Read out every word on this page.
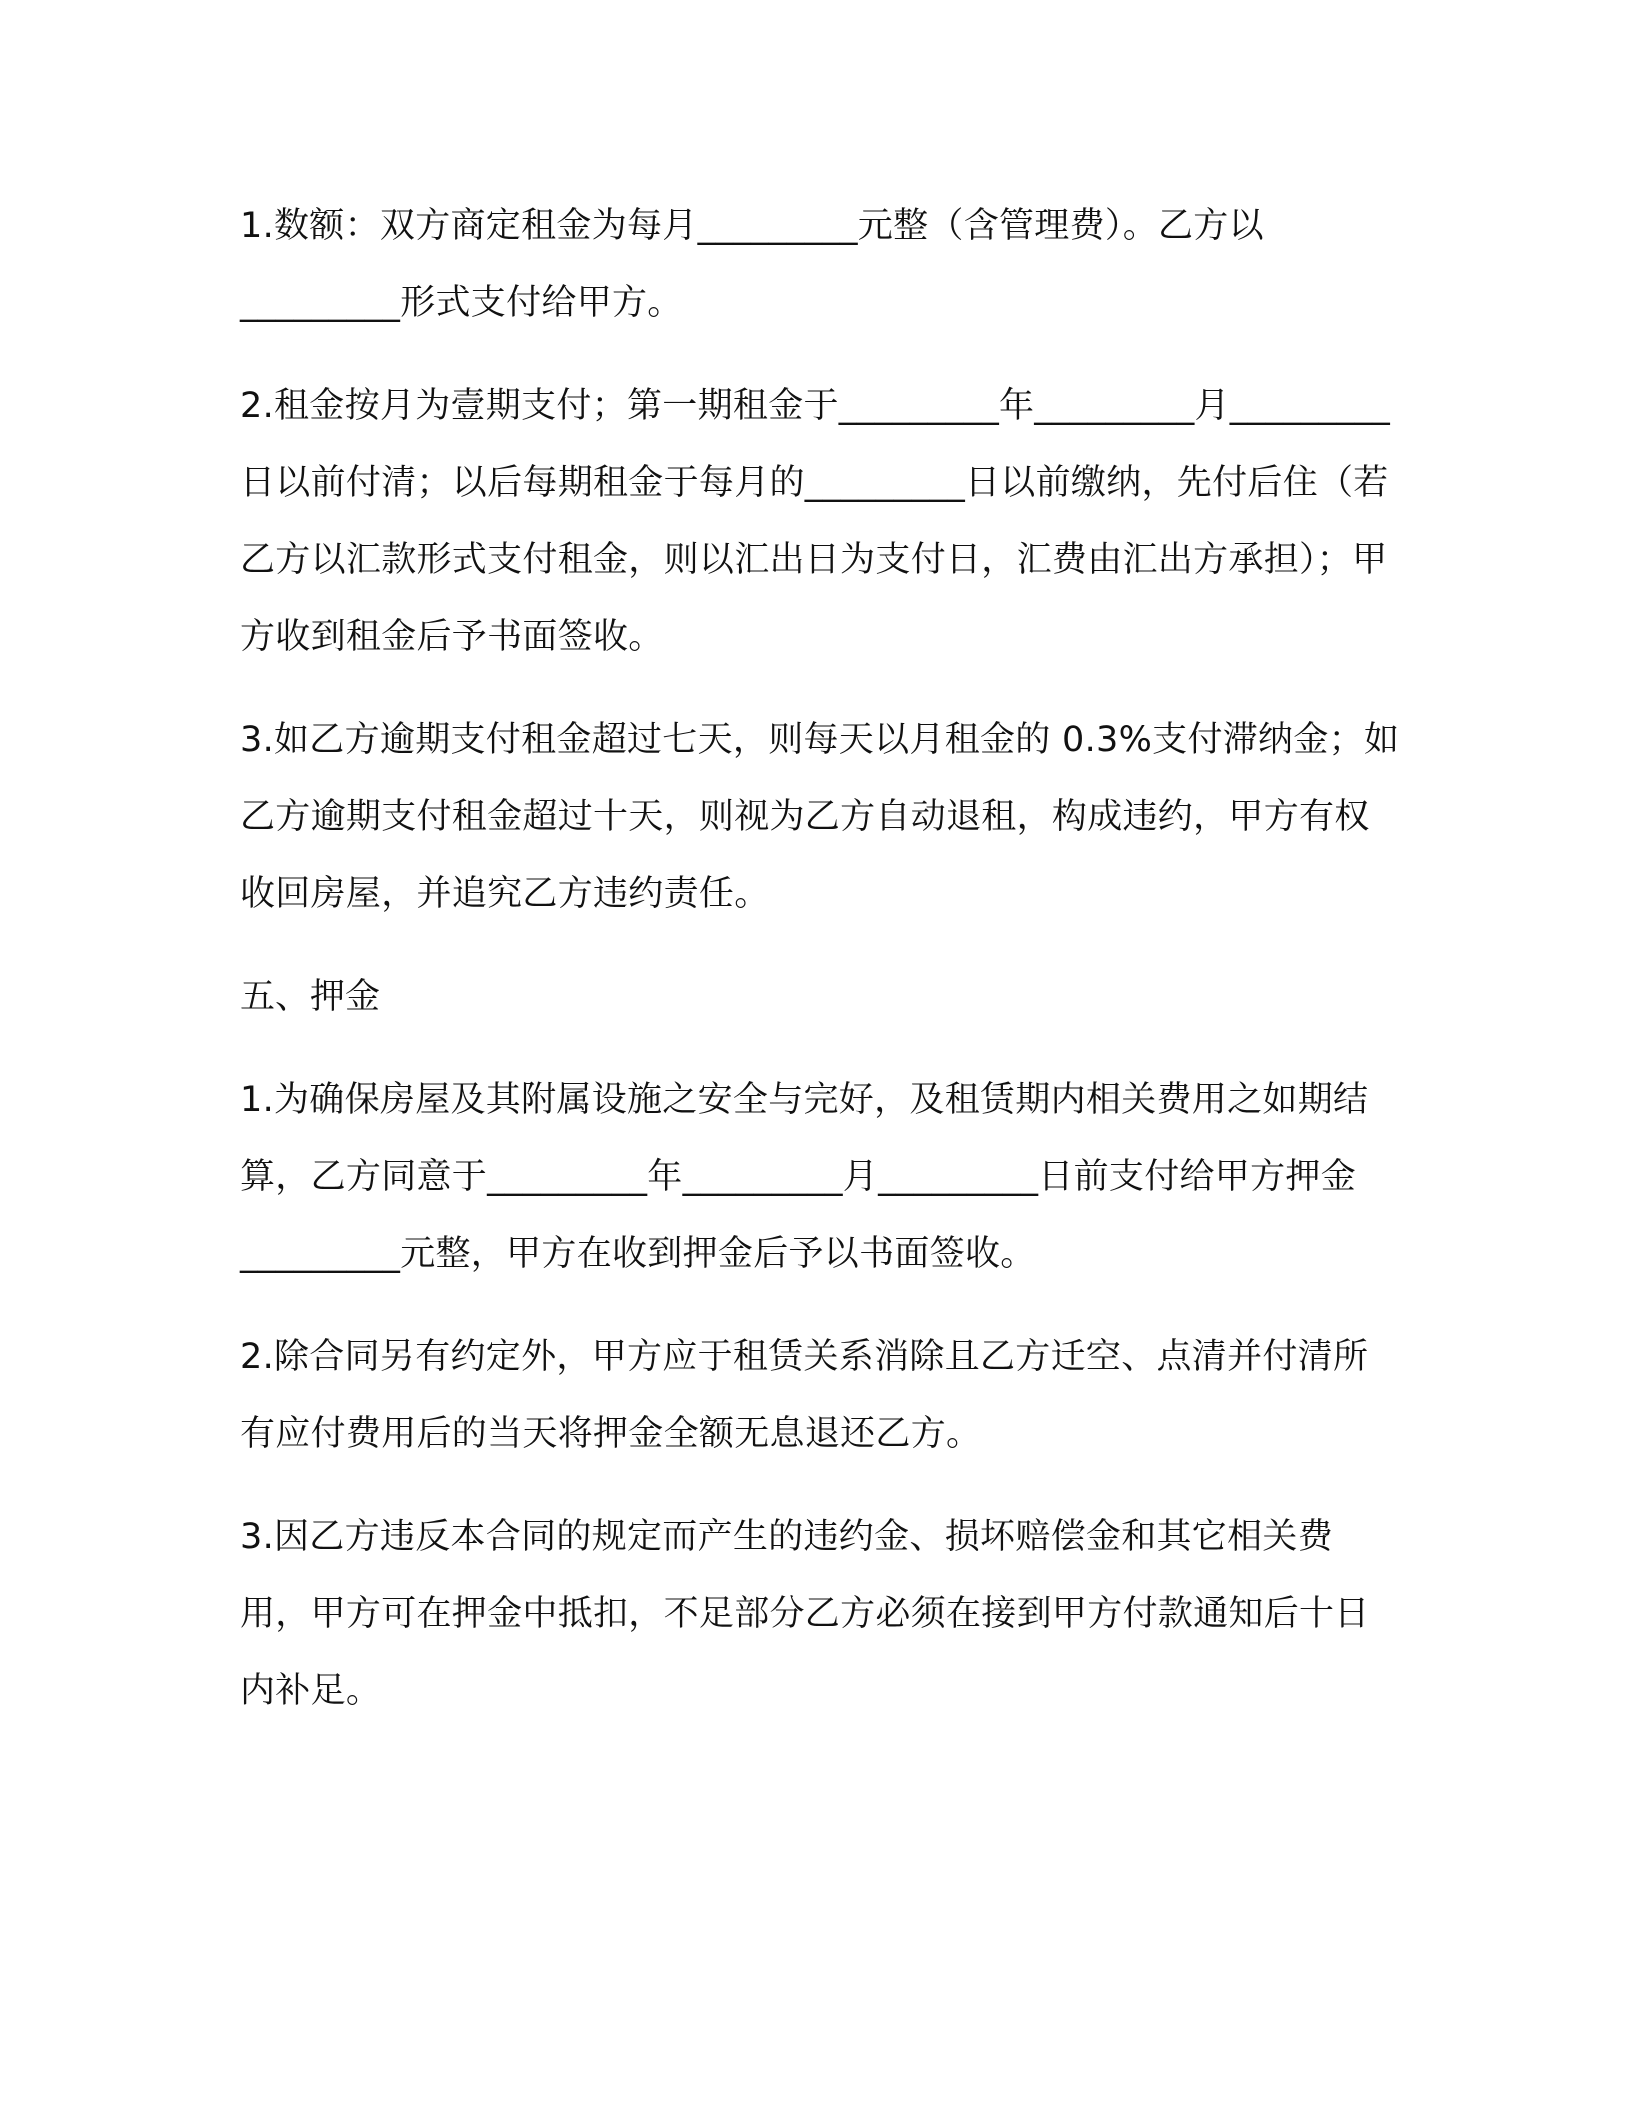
1.数额：双方商定租金为每月_________元整（含管理费）。乙方以_________形式支付给甲方。

2.租金按月为壹期支付；第一期租金于_________年_________月_________日以前付清；以后每期租金于每月的_________日以前缴纳，先付后住（若乙方以汇款形式支付租金，则以汇出日为支付日，汇费由汇出方承担）；甲方收到租金后予书面签收。

3.如乙方逾期支付租金超过七天，则每天以月租金的 0.3%支付滞纳金；如乙方逾期支付租金超过十天，则视为乙方自动退租，构成违约，甲方有权收回房屋，并追究乙方违约责任。

五、押金

1.为确保房屋及其附属设施之安全与完好，及租赁期内相关费用之如期结算，乙方同意于_________年_________月_________日前支付给甲方押金_________元整，甲方在收到押金后予以书面签收。

2.除合同另有约定外，甲方应于租赁关系消除且乙方迁空、点清并付清所有应付费用后的当天将押金全额无息退还乙方。

3.因乙方违反本合同的规定而产生的违约金、损坏赔偿金和其它相关费用，甲方可在押金中抵扣，不足部分乙方必须在接到甲方付款通知后十日内补足。
